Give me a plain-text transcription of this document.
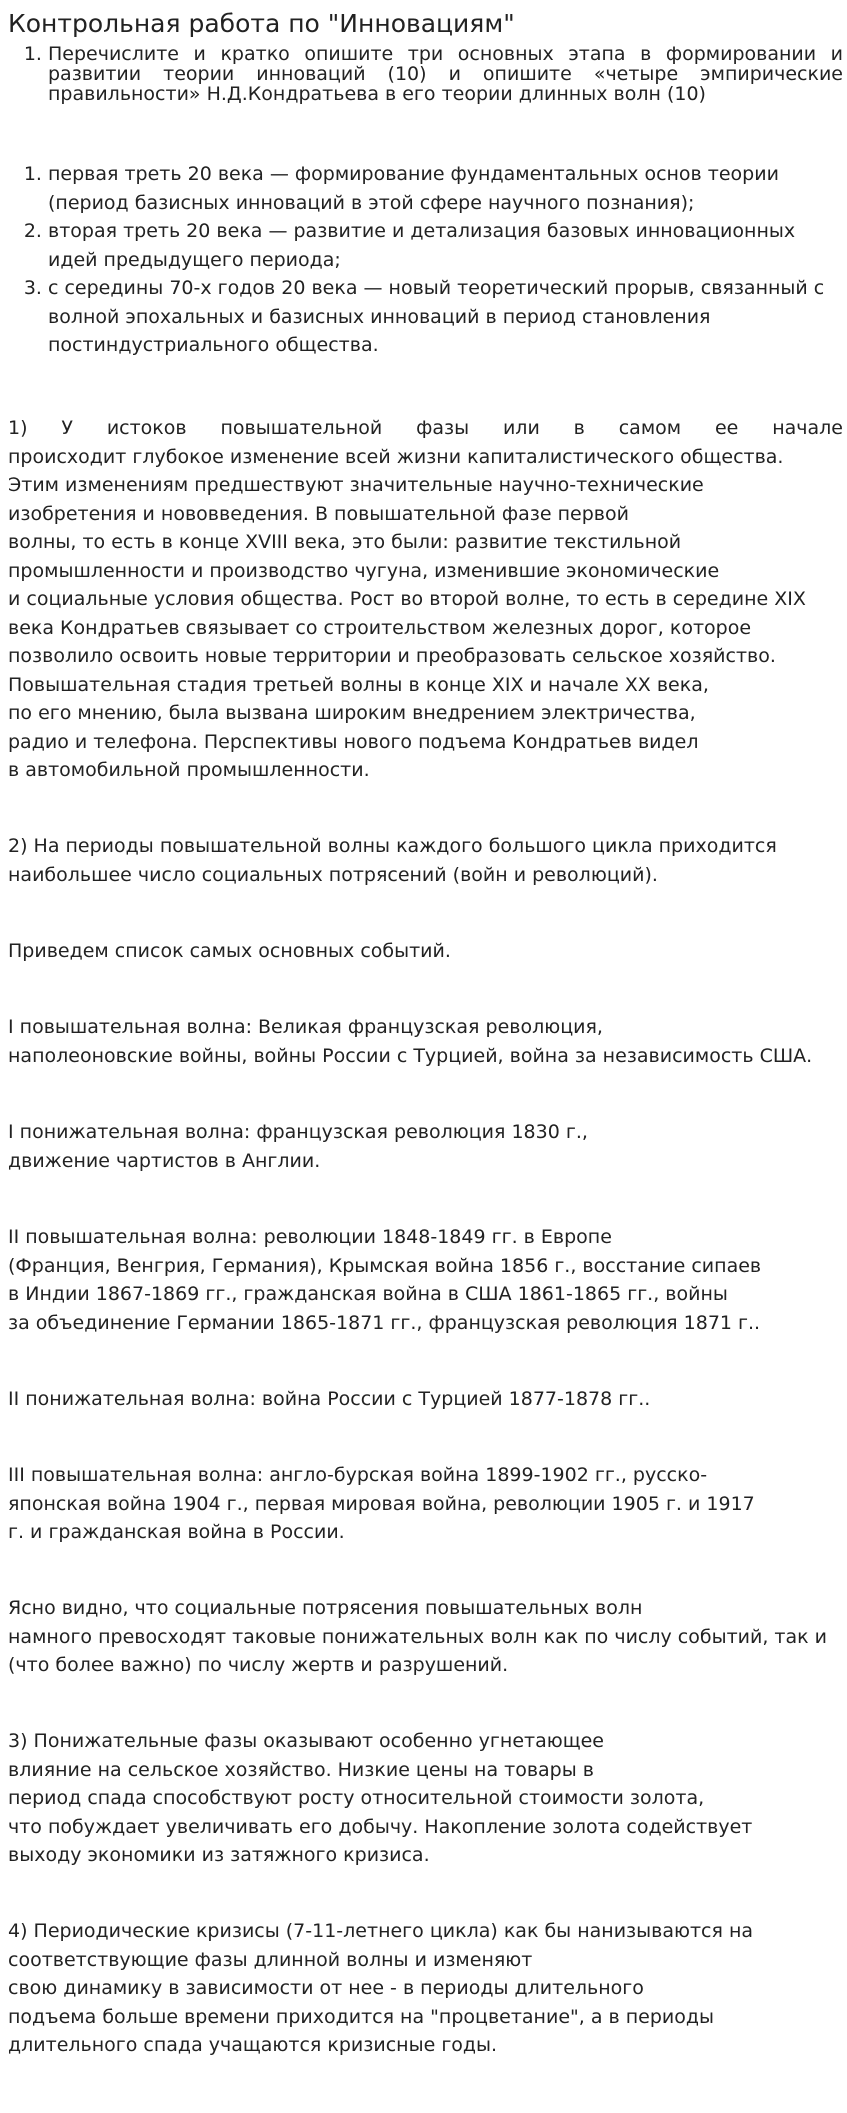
Контрольная работа по "Инновациям"
1. Перечислите и кратко опишите три основных этапа в формировании и развитии теории инноваций (10) и опишите «четыре эмпирические правильности» Н.Д.Кондратьева в его теории длинных волн (10)
1. первая треть 20 века — формирование фундаментальных основ теории (период базисных инноваций в этой сфере научного познания);
2. вторая треть 20 века — развитие и детализация базовых инновационных идей предыдущего периода;
3. с середины 70-х годов 20 века — новый теоретический прорыв, связанный с волной эпохальных и базисных инноваций в период становления постиндустриального общества.

1) У истоков повышательной фазы или в самом ее начале
происходит глубокое изменение всей жизни капиталистического общества.
Этим изменениям предшествуют значительные научно-технические
изобретения и нововведения. В повышательной фазе первой
волны, то есть в конце XVIII века, это были: развитие текстильной
промышленности и производство чугуна, изменившие экономические
и социальные условия общества. Рост во второй волне, то есть в середине XIX
века Кондратьев связывает со строительством железных дорог, которое
позволило освоить новые территории и преобразовать сельское хозяйство.
Повышательная стадия третьей волны в конце XIX и начале XX века,
по его мнению, была вызвана широким внедрением электричества,
радио и телефона. Перспективы нового подъема Кондратьев видел
в автомобильной промышленности.

2) На периоды повышательной волны каждого большого цикла приходится
наибольшее число социальных потрясений (войн и революций).

Приведем список самых основных событий.

I повышательная волна: Великая французская революция,
наполеоновские войны, войны России с Турцией, война за независимость США.

I понижательная волна: французская революция 1830 г.,
движение чартистов в Англии.

II повышательная волна: революции 1848-1849 гг. в Европе
(Франция, Венгрия, Германия), Крымская война 1856 г., восстание сипаев
в Индии 1867-1869 гг., гражданская война в США 1861-1865 гг., войны
за объединение Германии 1865-1871 гг., французская революция 1871 г..

II понижательная волна: война России с Турцией 1877-1878 гг..

III повышательная волна: англо-бурская война 1899-1902 гг., русско-
японская война 1904 г., первая мировая война, революции 1905 г. и 1917
г. и гражданская война в России.

Ясно видно, что социальные потрясения повышательных волн
намного превосходят таковые понижательных волн как по числу событий, так и
(что более важно) по числу жертв и разрушений.

3) Понижательные фазы оказывают особенно угнетающее
влияние на сельское хозяйство. Низкие цены на товары в
период спада способствуют росту относительной стоимости золота,
что побуждает увеличивать его добычу. Накопление золота содействует
выходу экономики из затяжного кризиса.

4) Периодические кризисы (7-11-летнего цикла) как бы нанизываются на
соответствующие фазы длинной волны и изменяют
свою динамику в зависимости от нее - в периоды длительного
подъема больше времени приходится на "процветание", а в периоды
длительного спада учащаются кризисные годы.
